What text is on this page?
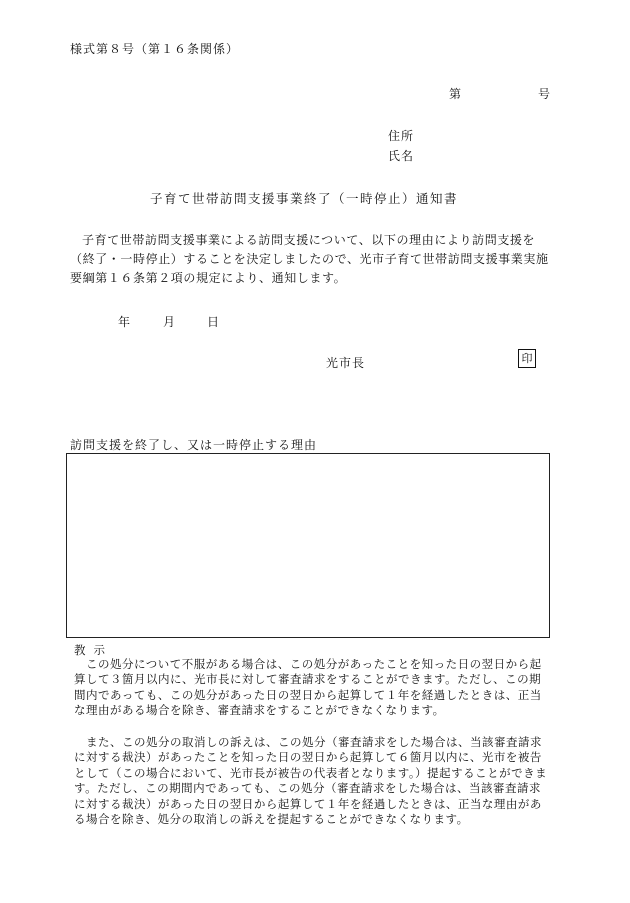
様式第８号（第１６条関係）
第	号
住所
氏名
子育て世帯訪問支援事業終了（一時停止）通知書
子育て世帯訪問支援事業による訪問支援について、以下の理由により訪問支援を（終了・一時停止）することを決定しましたので、光市子育て世帯訪問支援事業実施要綱第１６条第２項の規定により、通知します。
年	月	日
光市長	印
訪問支援を終了し、又は一時停止する理由
教示
この処分について不服がある場合は、この処分があったことを知った日の翌日から起算して３箇月以内に、光市長に対して審査請求をすることができます。ただし、この期間内であっても、この処分があった日の翌日から起算して１年を経過したときは、正当な理由がある場合を除き、審査請求をすることができなくなります。
また、この処分の取消しの訴えは、この処分（審査請求をした場合は、当該審査請求に対する裁決）があったことを知った日の翌日から起算して６箇月以内に、光市を被告として（この場合において、光市長が被告の代表者となります。）提起することができます。ただし、この期間内であっても、この処分（審査請求をした場合は、当該審査請求に対する裁決）があった日の翌日から起算して１年を経過したときは、正当な理由がある場合を除き、処分の取消しの訴えを提起することができなくなります。
